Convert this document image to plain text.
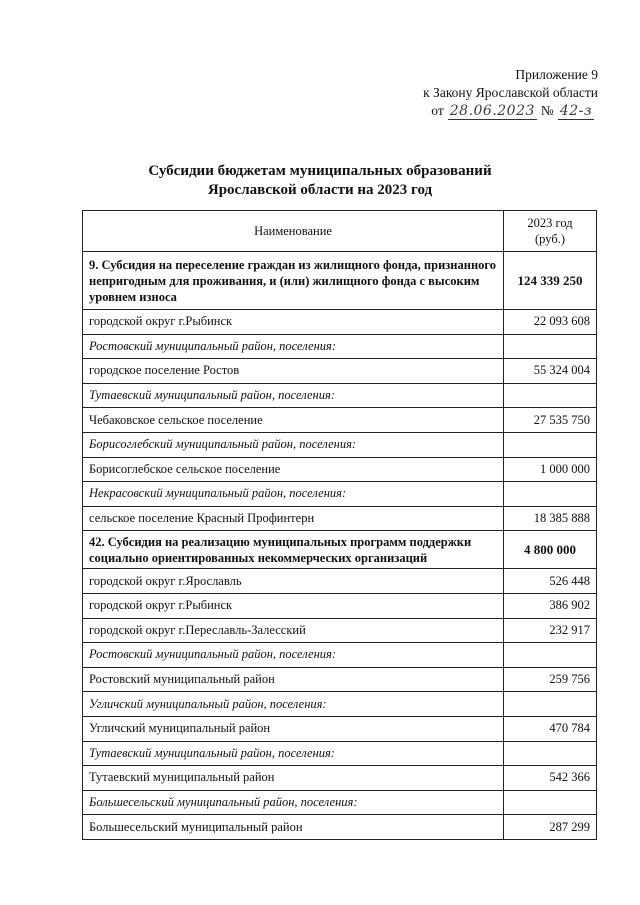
Приложение 9
к Закону Ярославской области
от 28.06.2023 № 42-з
Субсидии бюджетам муниципальных образований
Ярославской области на 2023 год
Наименование	2023 год
(руб.)

9. Субсидия на переселение граждан из жилищного фонда, признанного непригодным для проживания, и (или) жилищного фонда с высоким уровнем износа	124 339 250
городской округ г.Рыбинск	22 093 608
Ростовский муниципальный район, поселения:	
городское поселение Ростов	55 324 004
Тутаевский муниципальный район, поселения:	
Чебаковское сельское поселение	27 535 750
Борисоглебский муниципальный район, поселения:	
Борисоглебское сельское поселение	1 000 000
Некрасовский муниципальный район, поселения:	
сельское поселение Красный Профинтерн	18 385 888
42. Субсидия на реализацию муниципальных программ поддержки социально ориентированных некоммерческих организаций	4 800 000
городской округ г.Ярославль	526 448
городской округ г.Рыбинск	386 902
городской округ г.Переславль-Залесский	232 917
Ростовский муниципальный район, поселения:	
Ростовский муниципальный район	259 756
Угличский муниципальный район, поселения:	
Угличский муниципальный район	470 784
Тутаевский муниципальный район, поселения:	
Тутаевский муниципальный район	542 366
Большесельский муниципальный район, поселения:	
Большесельский муниципальный район	287 299
